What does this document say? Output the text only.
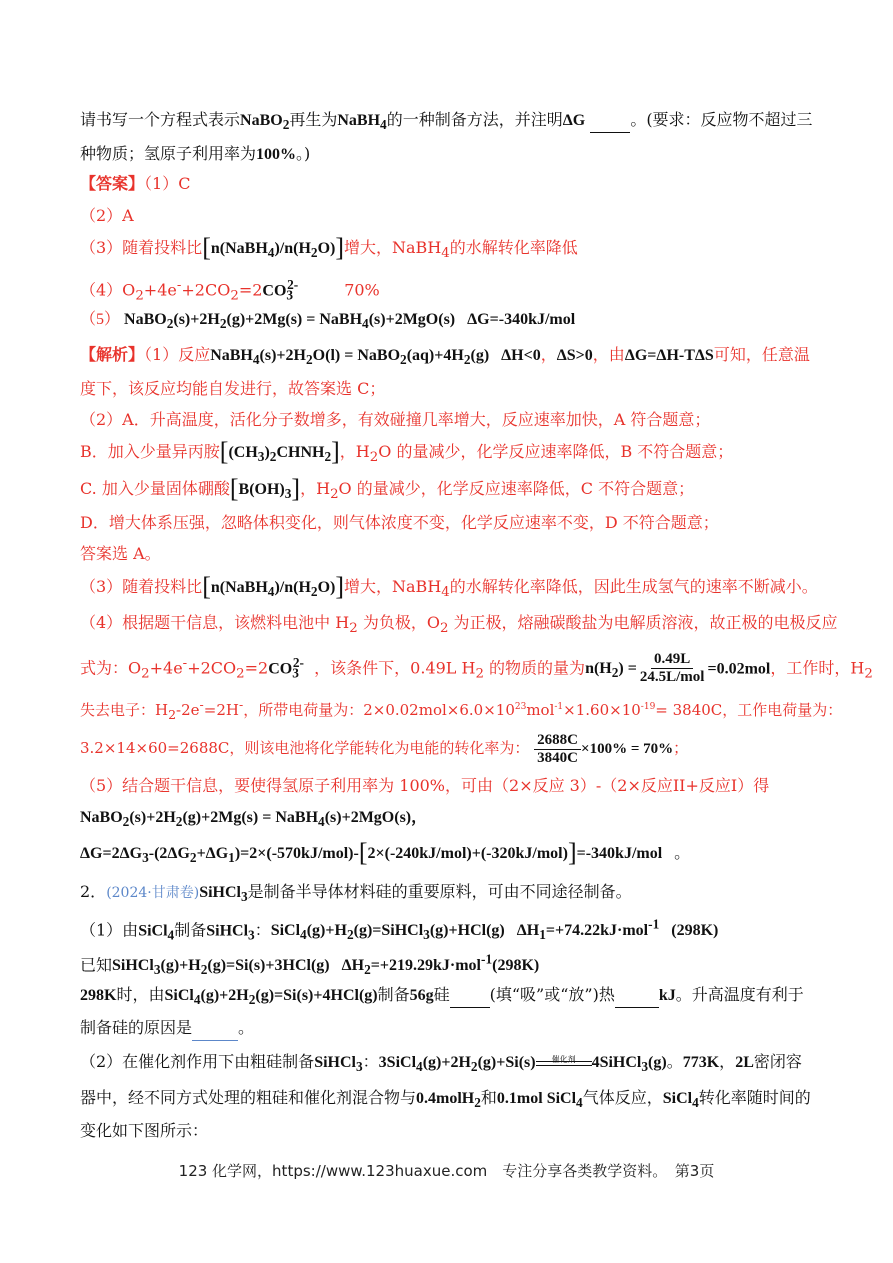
请书写一个方程式表示NaBO$_2$再生为NaBH$_4$的一种制备方法，并注明ΔG	。(要求：反应物不超过三
种物质；氢原子利用率为100%。)
【答案】（1）C
（2）A
（3）随着投料比$[n(NaBH_4)/n(H_2O)]$增大，NaBH$_4$的水解转化率降低
$(4)O_2+4e^-+2CO_2=2CO_3^{2-}$	70%
（5） $NaBO_2(s)+2H_2(g)+2Mg(s)$ = NaBH$_4$(s)+2MgO(s) ΔG=-340kJ/mol
【解析】（1）反应$NaBH_4(s)+2H_2O(l)$ = $NaBO_2(aq)+4H_2(g)$ ΔH<0，ΔS>0，由ΔG=ΔH-TΔS可知，任意温
度下，该反应均能自发进行，故答案选 C；
（2）A．升高温度，活化分子数增多，有效碰撞几率增大，反应速率加快，A 符合题意；
B．加入少量异丙胺$[(CH_3)_2CHNH_2]$，$H_2O$ 的量减少，化学反应速率降低，B 不符合题意；
C. 加入少量固体硼酸$[B(OH)_3]$，$H_2O$ 的量减少，化学反应速率降低，C 不符合题意；
D．增大体系压强，忽略体积变化，则气体浓度不变，化学反应速率不变，D 不符合题意；
答案选 A。
（3）随着投料比$[n(NaBH_4)/n(H_2O)]$增大，NaBH$_4$的水解转化率降低，因此生成氢气的速率不断减小。
（4）根据题干信息，该燃料电池中 $H_2$ 为负极，$O_2$ 为正极，熔融碳酸盐为电解质溶液，故正极的电极反应
式为：$O_2+4e^-+2CO_2=2CO_3^{2-}$ ，该条件下，0.49L $H_2$ 的物质的量为$n(H_2) = \frac{0.49L}{\text{24.5L/mol}} =0.02mol$，工作时，$H_2$
失去电子：$H_2-2e^-=2H^-$，所带电荷量为：$2\times 0.02mol\times 6.0\times 10^{23}mol^{-1}\times 1.60\times 10^{-19}= 3840C$，工作电荷量为：
3.2×14×60=2688C，则该电池将化学能转化为电能的转化率为： $\frac{2688C}{3840C} \times 100\% = 70\%$；
（5）结合题干信息，要使得氢原子利用率为 100%，可由（2×反应 3）-（2×反应II+反应I）得
$NaBO_2(s)+2H_2(g)+2Mg(s)$ = NaBH$_4$(s)+2MgO(s)，
$\Delta G=2\Delta G_3-(2\Delta G_2+\Delta G_1)=2\times(-570kJ/mol)-[2\times(-240kJ/mol)+(-320kJ/mol)]=-340kJ$/mol 。
2．(2024·甘肃卷)SiHCl$_3$是制备半导体材料硅的重要原料，可由不同途径制备。
（1）由SiCl$_4$制备SiHCl$_3$：$SiCl_4(g)+H_2(g)=SiHCl_3(g)+HCl(g)$ $\Delta H_1=+74.22kJ\cdot mol^{-1}$ (298K)
已知$SiHCl_3(g)+H_2(g)=Si(s)+3HCl(g)$ $\Delta H_2=+219.29kJ\cdot mol^{-1}(298K)$
298K时，由$SiCl_4(g)+2H_2(g)=Si(s)+4HCl(g)$制备56g硅	(填“吸”或“放”)热	kJ。升高温度有利于
制备硅的原因是	。
（2）在催化剂作用下由粗硅制备SiHCl$_3$：$3SiCl_4(g)+2H_2(g)+Si(s)$	催化剂	4SiHCl$_3$(g)。773K，2L密闭容
器中，经不同方式处理的粗硅和催化剂混合物与0.4molH$_2$和0.1mol SiCl$_4$气体反应，SiCl$_4$转化率随时间的
变化如下图所示：
123 化学网，https://www.123huaxue.com　专注分享各类教学资料。　第3页
